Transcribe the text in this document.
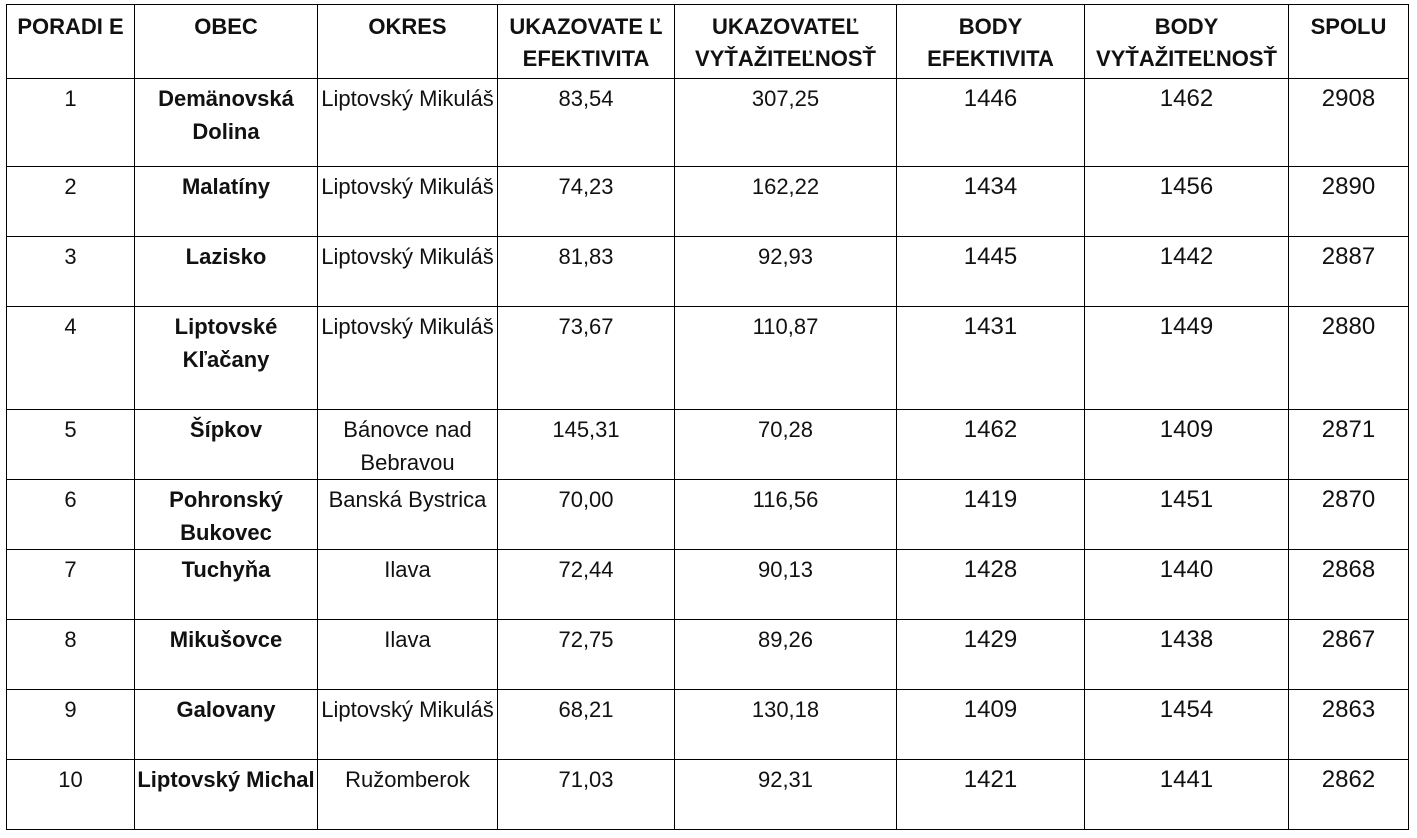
PORADI E	OBEC	OKRES	UKAZOVATE Ľ EFEKTIVITA	UKAZOVATEĽ VYŤAŽITEĽNOSŤ	BODY EFEKTIVITA	BODY VYŤAŽITEĽNOSŤ	SPOLU
1	Demänovská Dolina	Liptovský Mikuláš	83,54	307,25	1446	1462	2908
2	Malatíny	Liptovský Mikuláš	74,23	162,22	1434	1456	2890
3	Lazisko	Liptovský Mikuláš	81,83	92,93	1445	1442	2887
4	Liptovské Kľačany	Liptovský Mikuláš	73,67	110,87	1431	1449	2880
5	Šípkov	Bánovce nad Bebravou	145,31	70,28	1462	1409	2871
6	Pohronský Bukovec	Banská Bystrica	70,00	116,56	1419	1451	2870
7	Tuchyňa	Ilava	72,44	90,13	1428	1440	2868
8	Mikušovce	Ilava	72,75	89,26	1429	1438	2867
9	Galovany	Liptovský Mikuláš	68,21	130,18	1409	1454	2863
10	Liptovský Michal	Ružomberok	71,03	92,31	1421	1441	2862
